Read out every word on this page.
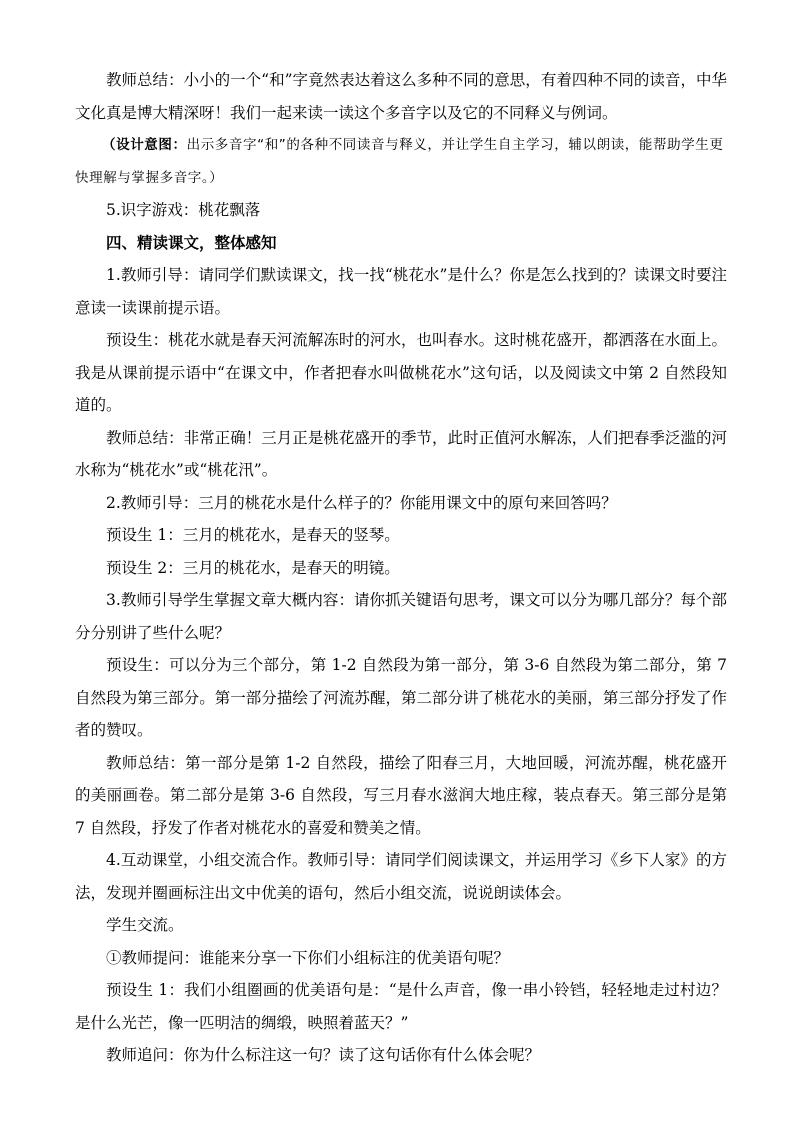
教师总结：小小的一个“和”字竟然表达着这么多种不同的意思，有着四种不同的读音，中华文化真是博大精深呀！我们一起来读一读这个多音字以及它的不同释义与例词。

（设计意图：出示多音字“和”的各种不同读音与释义，并让学生自主学习，辅以朗读，能帮助学生更快理解与掌握多音字。）

5.识字游戏：桃花飘落

四、精读课文，整体感知

1.教师引导：请同学们默读课文，找一找“桃花水”是什么？你是怎么找到的？读课文时要注意读一读课前提示语。

预设生：桃花水就是春天河流解冻时的河水，也叫春水。这时桃花盛开，都洒落在水面上。我是从课前提示语中“在课文中，作者把春水叫做桃花水”这句话，以及阅读文中第 2 自然段知道的。

教师总结：非常正确！三月正是桃花盛开的季节，此时正值河水解冻，人们把春季泛滥的河水称为“桃花水”或“桃花汛”。

2.教师引导：三月的桃花水是什么样子的？你能用课文中的原句来回答吗？

预设生 1：三月的桃花水，是春天的竖琴。

预设生 2：三月的桃花水，是春天的明镜。

3.教师引导学生掌握文章大概内容：请你抓关键语句思考，课文可以分为哪几部分？每个部分分别讲了些什么呢？

预设生：可以分为三个部分，第 1-2 自然段为第一部分，第 3-6 自然段为第二部分，第 7 自然段为第三部分。第一部分描绘了河流苏醒，第二部分讲了桃花水的美丽，第三部分抒发了作者的赞叹。

教师总结：第一部分是第 1-2 自然段，描绘了阳春三月，大地回暖，河流苏醒，桃花盛开的美丽画卷。第二部分是第 3-6 自然段，写三月春水滋润大地庄稼，装点春天。第三部分是第 7 自然段，抒发了作者对桃花水的喜爱和赞美之情。

4.互动课堂，小组交流合作。教师引导：请同学们阅读课文，并运用学习《乡下人家》的方法，发现并圈画标注出文中优美的语句，然后小组交流，说说朗读体会。

学生交流。

①教师提问：谁能来分享一下你们小组标注的优美语句呢？

预设生 1：我们小组圈画的优美语句是：“是什么声音，像一串小铃铛，轻轻地走过村边？是什么光芒，像一匹明洁的绸缎，映照着蓝天？”

教师追问：你为什么标注这一句？读了这句话你有什么体会呢？
